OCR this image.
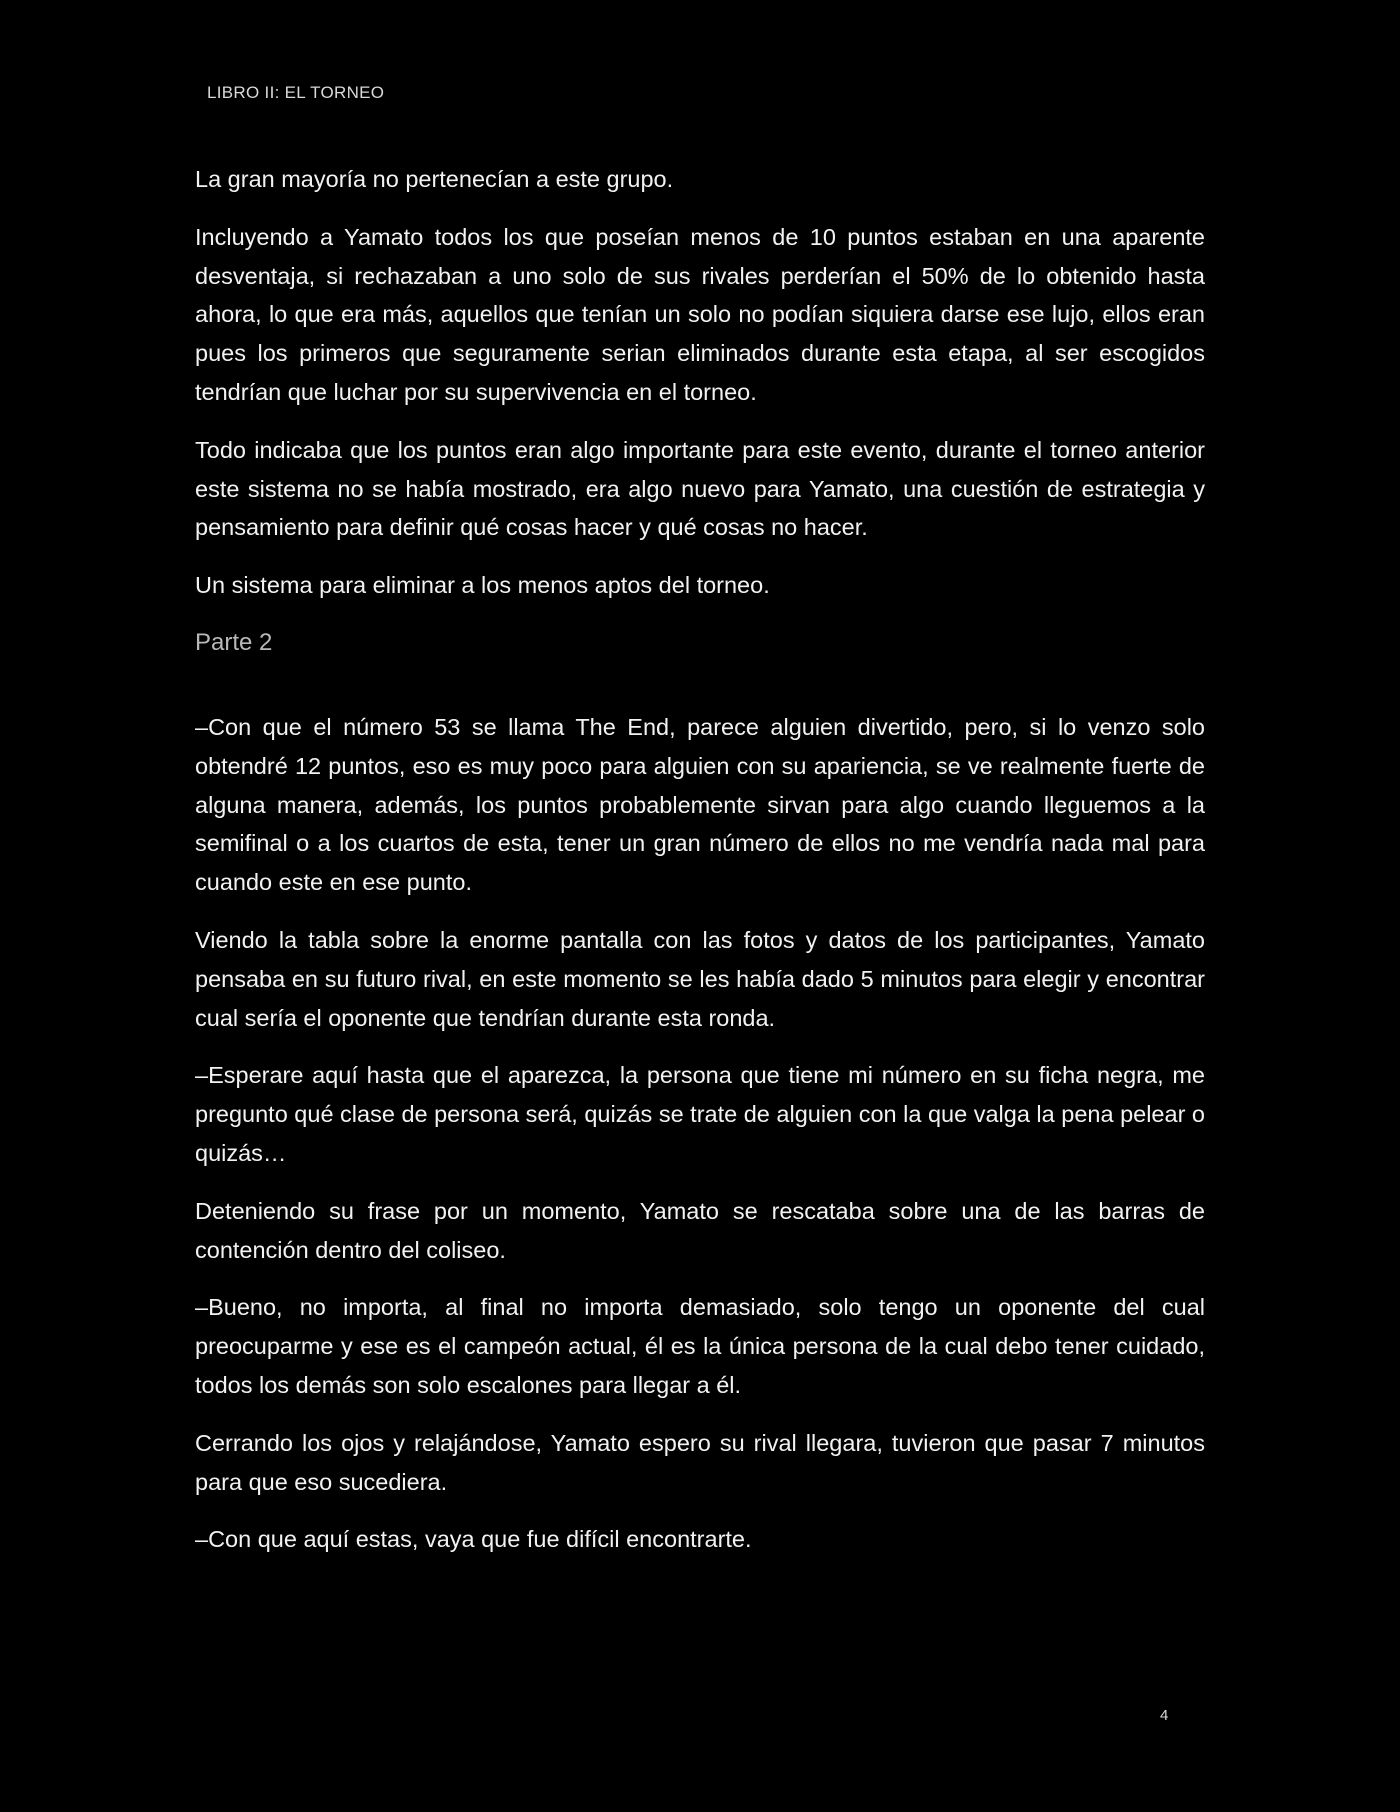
LIBRO II: EL TORNEO

La gran mayoría no pertenecían a este grupo.

Incluyendo a Yamato todos los que poseían menos de 10 puntos estaban en una aparente desventaja, si rechazaban a uno solo de sus rivales perderían el 50% de lo obtenido hasta ahora, lo que era más, aquellos que tenían un solo no podían siquiera darse ese lujo, ellos eran pues los primeros que seguramente serian eliminados durante esta etapa, al ser escogidos tendrían que luchar por su supervivencia en el torneo.

Todo indicaba que los puntos eran algo importante para este evento, durante el torneo anterior este sistema no se había mostrado, era algo nuevo para Yamato, una cuestión de estrategia y pensamiento para definir qué cosas hacer y qué cosas no hacer.

Un sistema para eliminar a los menos aptos del torneo.

Parte 2

–Con que el número 53 se llama The End, parece alguien divertido, pero, si lo venzo solo obtendré 12 puntos, eso es muy poco para alguien con su apariencia, se ve realmente fuerte de alguna manera, además, los puntos probablemente sirvan para algo cuando lleguemos a la semifinal o a los cuartos de esta, tener un gran número de ellos no me vendría nada mal para cuando este en ese punto.

Viendo la tabla sobre la enorme pantalla con las fotos y datos de los participantes, Yamato pensaba en su futuro rival, en este momento se les había dado 5 minutos para elegir y encontrar cual sería el oponente que tendrían durante esta ronda.

–Esperare aquí hasta que el aparezca, la persona que tiene mi número en su ficha negra, me pregunto qué clase de persona será, quizás se trate de alguien con la que valga la pena pelear o quizás…

Deteniendo su frase por un momento, Yamato se rescataba sobre una de las barras de contención dentro del coliseo.

–Bueno, no importa, al final no importa demasiado, solo tengo un oponente del cual preocuparme y ese es el campeón actual, él es la única persona de la cual debo tener cuidado, todos los demás son solo escalones para llegar a él.

Cerrando los ojos y relajándose, Yamato espero su rival llegara, tuvieron que pasar 7 minutos para que eso sucediera.

–Con que aquí estas, vaya que fue difícil encontrarte.

4
